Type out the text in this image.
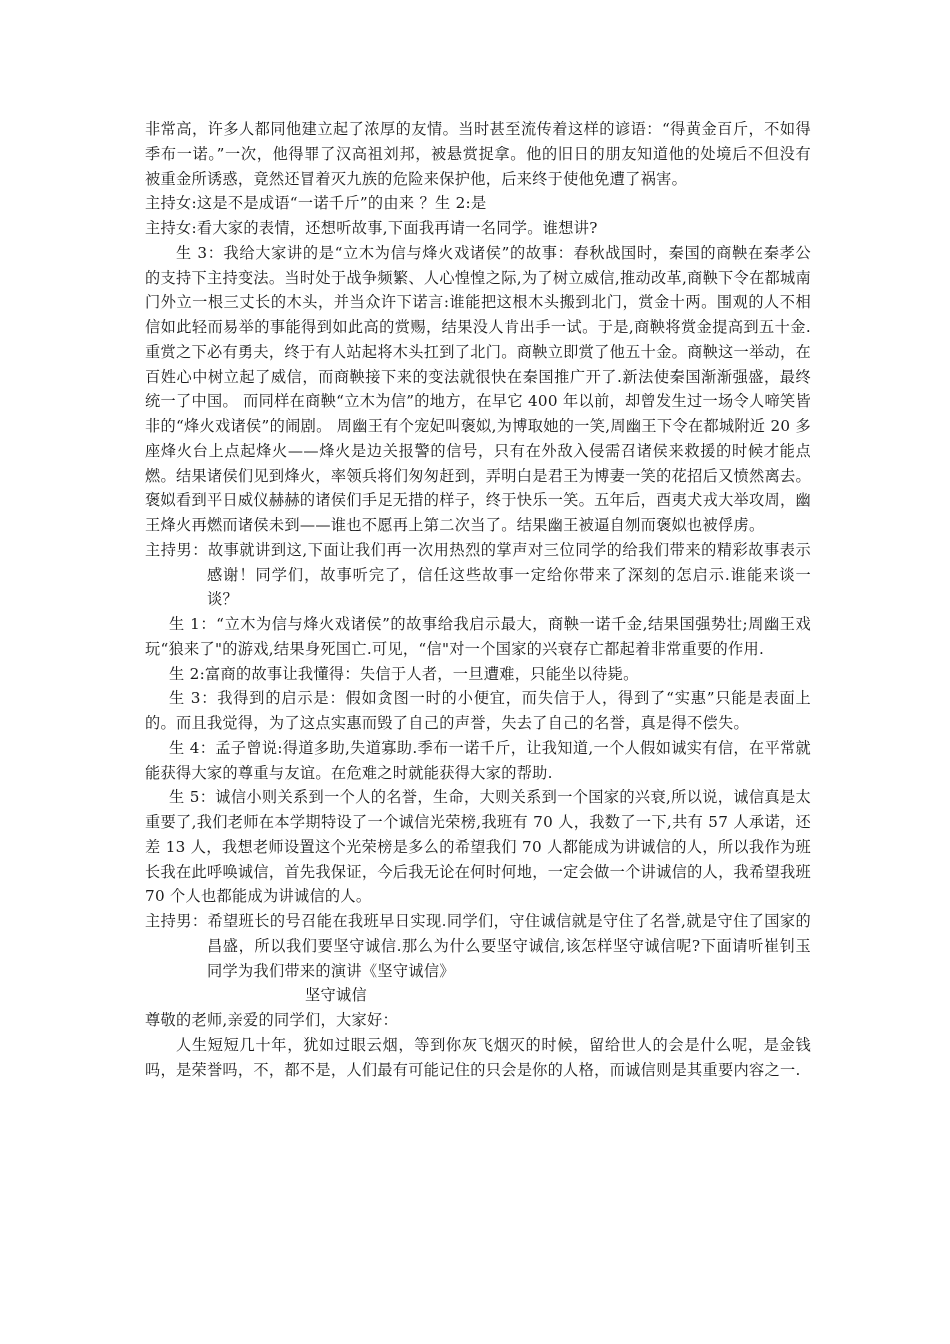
非常高，许多人都同他建立起了浓厚的友情。当时甚至流传着这样的谚语：“得黄金百斤，不如得季布一诺。”一次，他得罪了汉高祖刘邦，被悬赏捉拿。他的旧日的朋友知道他的处境后不但没有被重金所诱惑，竟然还冒着灭九族的危险来保护他，后来终于使他免遭了祸害。

主持女:这是不是成语“一诺千斤”的由来 ？生 2:是

主持女:看大家的表情，还想听故事,下面我再请一名同学。谁想讲?

生 3：我给大家讲的是“立木为信与烽火戏诸侯”的故事：春秋战国时，秦国的商鞅在秦孝公的支持下主持变法。当时处于战争频繁、人心惶惶之际,为了树立威信,推动改革,商鞅下令在都城南门外立一根三丈长的木头，并当众许下诺言:谁能把这根木头搬到北门，赏金十两。围观的人不相信如此轻而易举的事能得到如此高的赏赐，结果没人肯出手一试。于是,商鞅将赏金提高到五十金.重赏之下必有勇夫，终于有人站起将木头扛到了北门。商鞅立即赏了他五十金。商鞅这一举动，在百姓心中树立起了威信，而商鞅接下来的变法就很快在秦国推广开了.新法使秦国渐渐强盛，最终统一了中国。 而同样在商鞅“立木为信”的地方，在早它 400 年以前，却曾发生过一场令人啼笑皆非的“烽火戏诸侯”的闹剧。 周幽王有个宠妃叫褒姒,为博取她的一笑,周幽王下令在都城附近 20 多座烽火台上点起烽火——烽火是边关报警的信号，只有在外敌入侵需召诸侯来救援的时候才能点燃。结果诸侯们见到烽火，率领兵将们匆匆赶到，弄明白是君王为博妻一笑的花招后又愤然离去。褒姒看到平日威仪赫赫的诸侯们手足无措的样子，终于快乐一笑。五年后，酉夷犬戎大举攻周，幽王烽火再燃而诸侯未到——谁也不愿再上第二次当了。结果幽王被逼自刎而褒姒也被俘虏。

主持男：故事就讲到这,下面让我们再一次用热烈的掌声对三位同学的给我们带来的精彩故事表示感谢！同学们，故事听完了，信任这些故事一定给你带来了深刻的怎启示.谁能来谈一谈？

生 1：“立木为信与烽火戏诸侯”的故事给我启示最大，商鞅一诺千金,结果国强势壮;周幽王戏玩“狼来了"的游戏,结果身死国亡.可见，“信"对一个国家的兴衰存亡都起着非常重要的作用.

生 2:富商的故事让我懂得：失信于人者，一旦遭难，只能坐以待毙。

生 3：我得到的启示是：假如贪图一时的小便宜，而失信于人，得到了“实惠”只能是表面上的。而且我觉得，为了这点实惠而毁了自己的声誉，失去了自己的名誉，真是得不偿失。

生 4：孟子曾说:得道多助,失道寡助.季布一诺千斤，让我知道,一个人假如诚实有信，在平常就能获得大家的尊重与友谊。在危难之时就能获得大家的帮助.

生 5：诚信小则关系到一个人的名誉，生命，大则关系到一个国家的兴衰,所以说，诚信真是太重要了,我们老师在本学期特设了一个诚信光荣榜,我班有 70 人，我数了一下,共有 57 人承诺，还差 13 人，我想老师设置这个光荣榜是多么的希望我们 70 人都能成为讲诚信的人，所以我作为班长我在此呼唤诚信，首先我保证，今后我无论在何时何地，一定会做一个讲诚信的人，我希望我班 70 个人也都能成为讲诚信的人。

主持男：希望班长的号召能在我班早日实现.同学们，守住诚信就是守住了名誉,就是守住了国家的昌盛，所以我们要坚守诚信.那么为什么要坚守诚信,该怎样坚守诚信呢?下面请听崔钊玉同学为我们带来的演讲《坚守诚信》

坚守诚信

尊敬的老师,亲爱的同学们，大家好：

人生短短几十年，犹如过眼云烟，等到你灰飞烟灭的时候，留给世人的会是什么呢，是金钱吗，是荣誉吗，不，都不是，人们最有可能记住的只会是你的人格，而诚信则是其重要内容之一.
